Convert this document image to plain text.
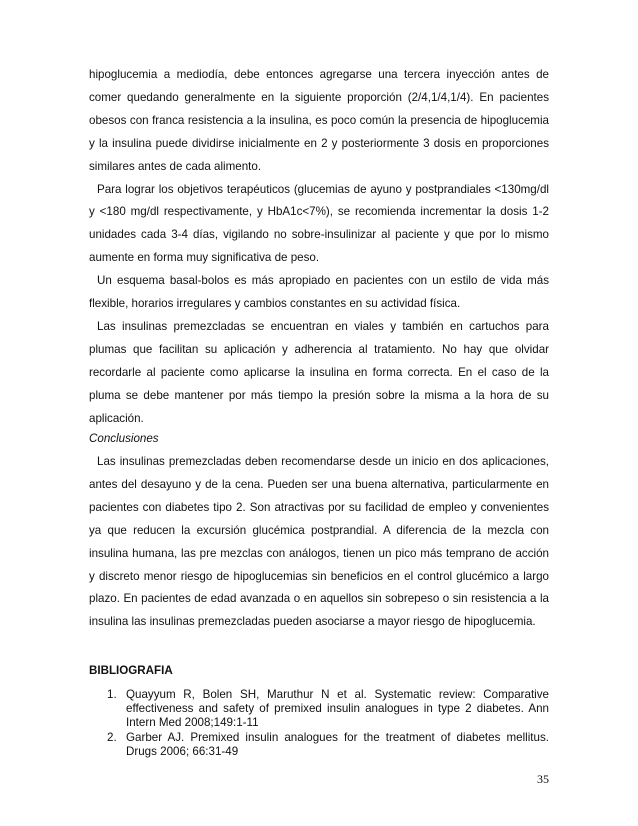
hipoglucemia a mediodía, debe entonces agregarse una tercera inyección antes de comer quedando generalmente en la siguiente proporción (2/4,1/4,1/4). En pacientes obesos con franca resistencia a la insulina, es poco común la presencia de hipoglucemia y la insulina puede dividirse inicialmente en 2 y posteriormente 3 dosis en proporciones similares antes de cada alimento.

Para lograr los objetivos terapéuticos (glucemias de ayuno y postprandiales <130mg/dl y <180 mg/dl respectivamente, y HbA1c<7%), se recomienda incrementar la dosis 1-2 unidades cada 3-4 días, vigilando no sobre-insulinizar al paciente y que por lo mismo aumente en forma muy significativa de peso.

Un esquema basal-bolos es más apropiado en pacientes con un estilo de vida más flexible, horarios irregulares y cambios constantes en su actividad física.

Las insulinas premezcladas se encuentran en viales y también en cartuchos para plumas que facilitan su aplicación y adherencia al tratamiento. No hay que olvidar recordarle al paciente como aplicarse la insulina en forma correcta. En el caso de la pluma se debe mantener por más tiempo la presión sobre la misma a la hora de su aplicación.

Conclusiones

Las insulinas premezcladas deben recomendarse desde un inicio en dos aplicaciones, antes del desayuno y de la cena. Pueden ser una buena alternativa, particularmente en pacientes con diabetes tipo 2. Son atractivas por su facilidad de empleo y convenientes ya que reducen la excursión glucémica postprandial. A diferencia de la mezcla con insulina humana, las pre mezclas con análogos, tienen un pico más temprano de acción y discreto menor riesgo de hipoglucemias sin beneficios en el control glucémico a largo plazo. En pacientes de edad avanzada o en aquellos sin sobrepeso o sin resistencia a la insulina las insulinas premezcladas pueden asociarse a mayor riesgo de hipoglucemia.

BIBLIOGRAFIA
1. Quayyum R, Bolen SH, Maruthur N et al. Systematic review: Comparative effectiveness and safety of premixed insulin analogues in type 2 diabetes. Ann Intern Med 2008;149:1-11
2. Garber AJ. Premixed insulin analogues for the treatment of diabetes mellitus. Drugs 2006; 66:31-49
35
